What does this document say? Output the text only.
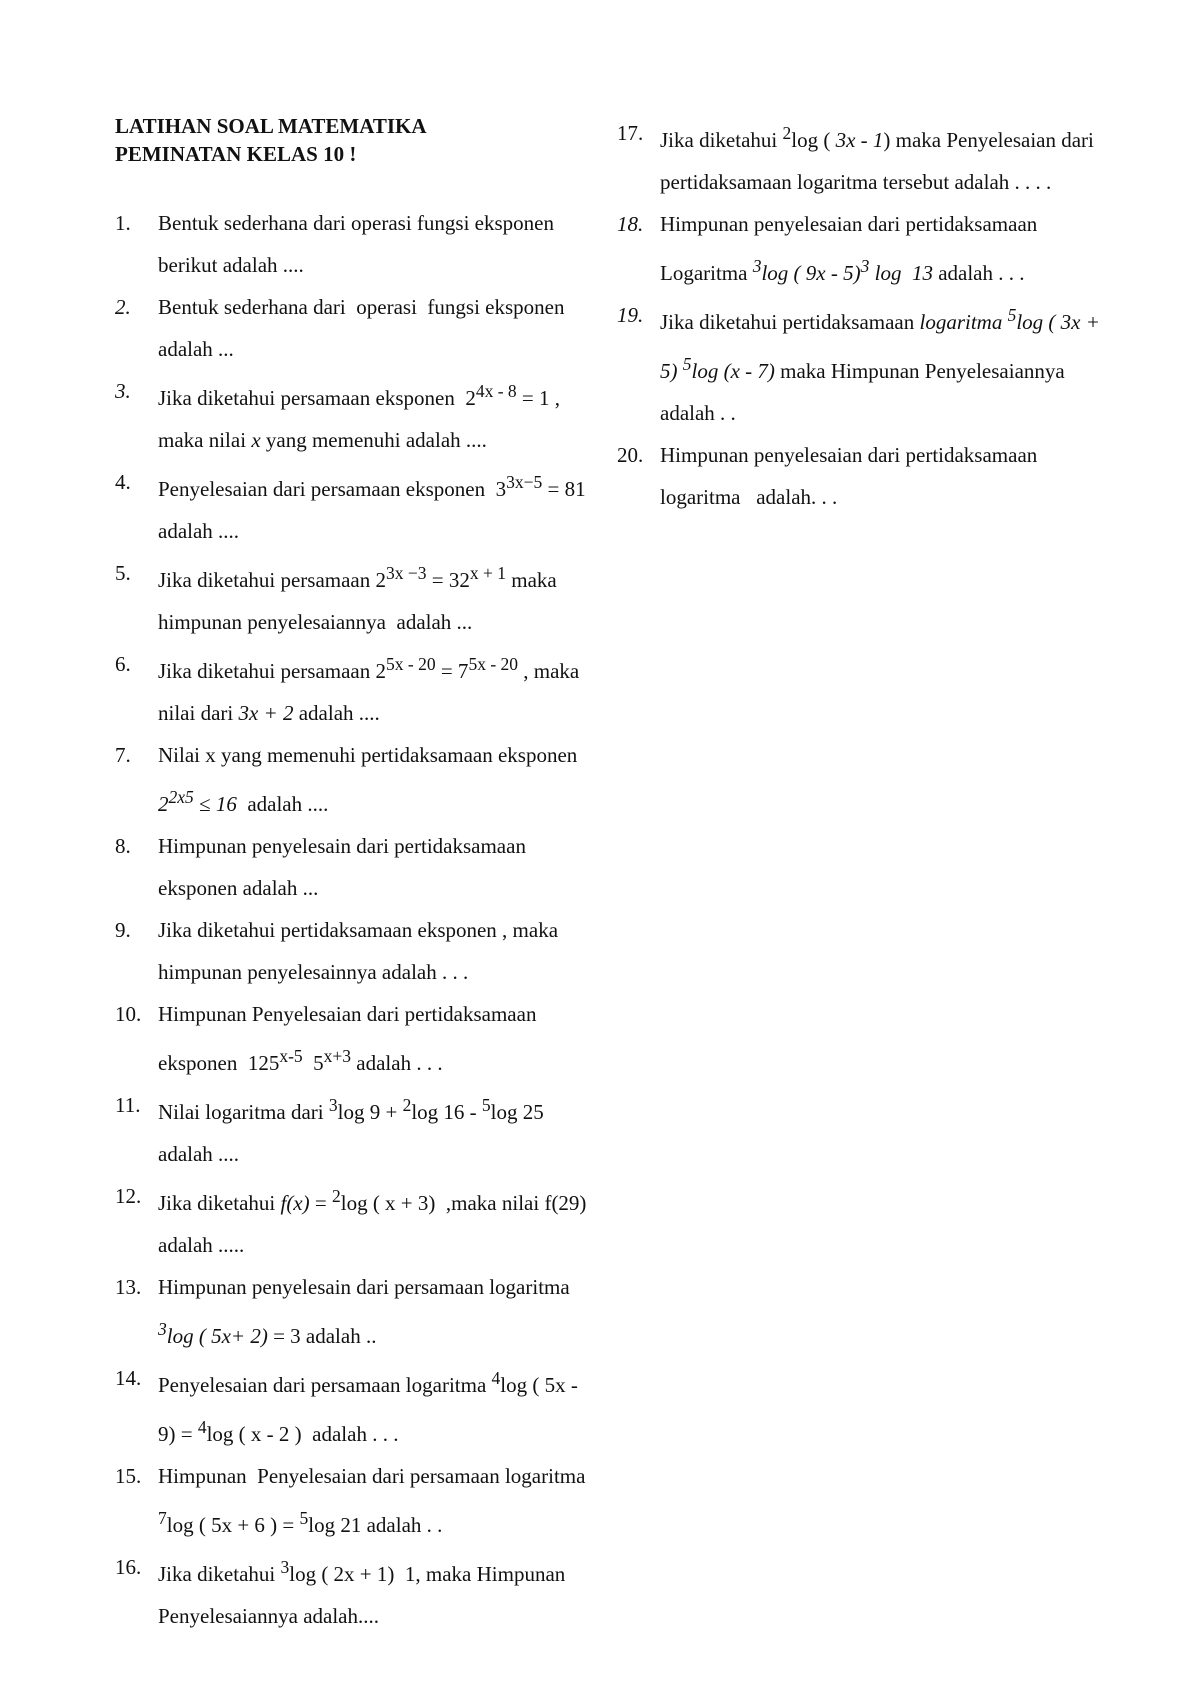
LATIHAN SOAL MATEMATIKA
PEMINATAN KELAS 10 !
1. Bentuk sederhana dari operasi fungsi eksponen  berikut adalah ....
2. Bentuk sederhana dari  operasi  fungsi eksponen   adalah ...
3. Jika diketahui persamaan eksponen  $2^{4x - 8} = 1$ , maka nilai x yang memenuhi adalah ....
4. Penyelesaian dari persamaan eksponen  $3^{3x-5} = 81$ adalah ....
5. Jika diketahui persamaan $2^{3x -3} = 32^{x + 1}$ maka himpunan penyelesaiannya  adalah ...
6. Jika diketahui persamaan $2^{5x - 20} = 7^{5x - 20}$ , maka nilai dari 3x + 2 adalah ....
7. Nilai x yang memenuhi pertidaksamaan eksponen $2^{2x5} \le 16$  adalah ....
8. Himpunan penyelesain dari pertidaksamaan eksponen adalah ...
9. Jika diketahui pertidaksamaan eksponen , maka himpunan penyelesainnya adalah . . .
10. Himpunan Penyelesaian dari pertidaksamaan eksponen  125$^{x-5}$  $5^{x+3}$ adalah . . .
11. Nilai logaritma dari $^3$log 9 + $^2$log 16 - $^5$log 25 adalah ....
12. Jika diketahui f(x) = $^2$log ( x + 3)  ,maka nilai f(29) adalah .....
13. Himpunan penyelesain dari persamaan logaritma $^3$log ( 5x+ 2) = 3 adalah ..
14. Penyelesaian dari persamaan logaritma $^4$log ( 5x - 9) = $^4$log ( x - 2 )  adalah . . .
15. Himpunan  Penyelesaian dari persamaan logaritma  $^7$log ( 5x + 6 ) = $^5$log 21 adalah . .
16. Jika diketahui $^3$log ( 2x + 1)  1, maka Himpunan Penyelesaiannya adalah....
17. Jika diketahui $^2$log ( 3x - 1) maka Penyelesaian dari pertidaksamaan logaritma tersebut adalah . . . .
18. Himpunan penyelesaian dari pertidaksamaan Logaritma $^3$log ( 9x - 5)$^3$ log  13 adalah . . .
19. Jika diketahui pertidaksamaan logaritma $^5$log ( 3x + 5) $^5$log (x - 7) maka Himpunan Penyelesaiannya adalah . .
20. Himpunan penyelesaian dari pertidaksamaan logaritma   adalah. . .
